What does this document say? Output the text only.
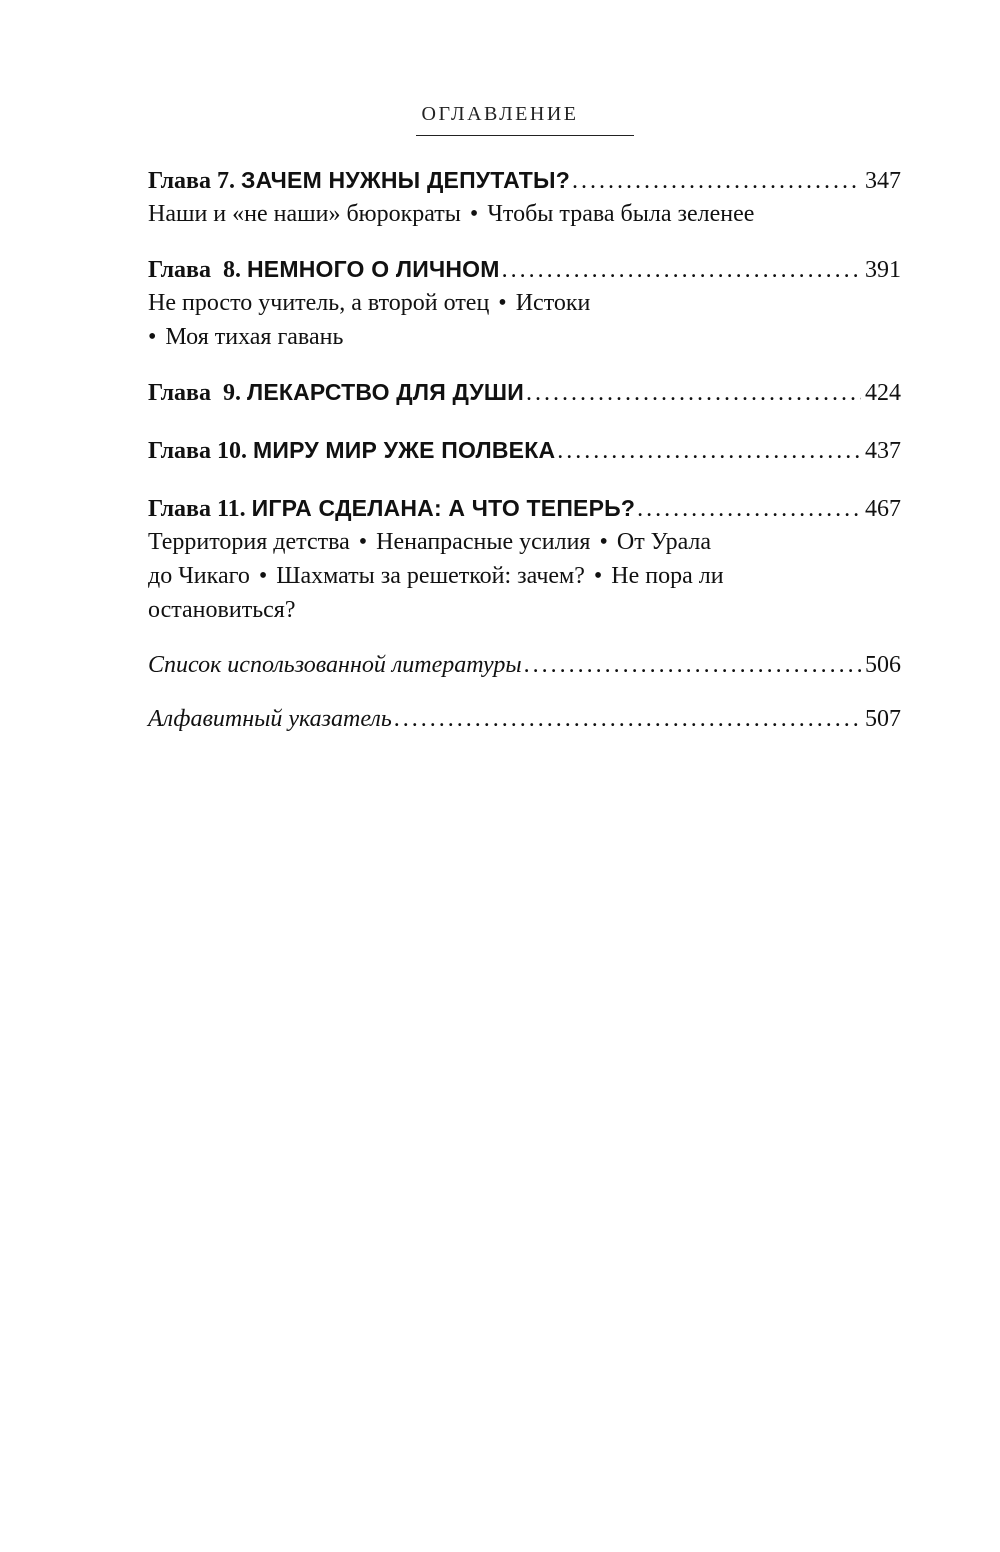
ОГЛАВЛЕНИЕ
Глава 7. ЗАЧЕМ НУЖНЫ ДЕПУТАТЫ? .....	347
Наши и «не наши» бюрократы • Чтобы трава была зеленее
Глава  8. НЕМНОГО О ЛИЧНОМ .....	391
Не просто учитель, а второй отец • Истоки
• Моя тихая гавань
Глава  9. ЛЕКАРСТВО ДЛЯ ДУШИ .....	424
Глава 10. МИРУ МИР УЖЕ ПОЛВЕКА .....	437
Глава 11. ИГРА СДЕЛАНА: А ЧТО ТЕПЕРЬ? .....	467
Территория детства • Ненапрасные усилия • От Урала
до Чикаго • Шахматы за решеткой: зачем? • Не пора ли
остановиться?
Список использованной литературы .....	506
Алфавитный указатель .....	507
